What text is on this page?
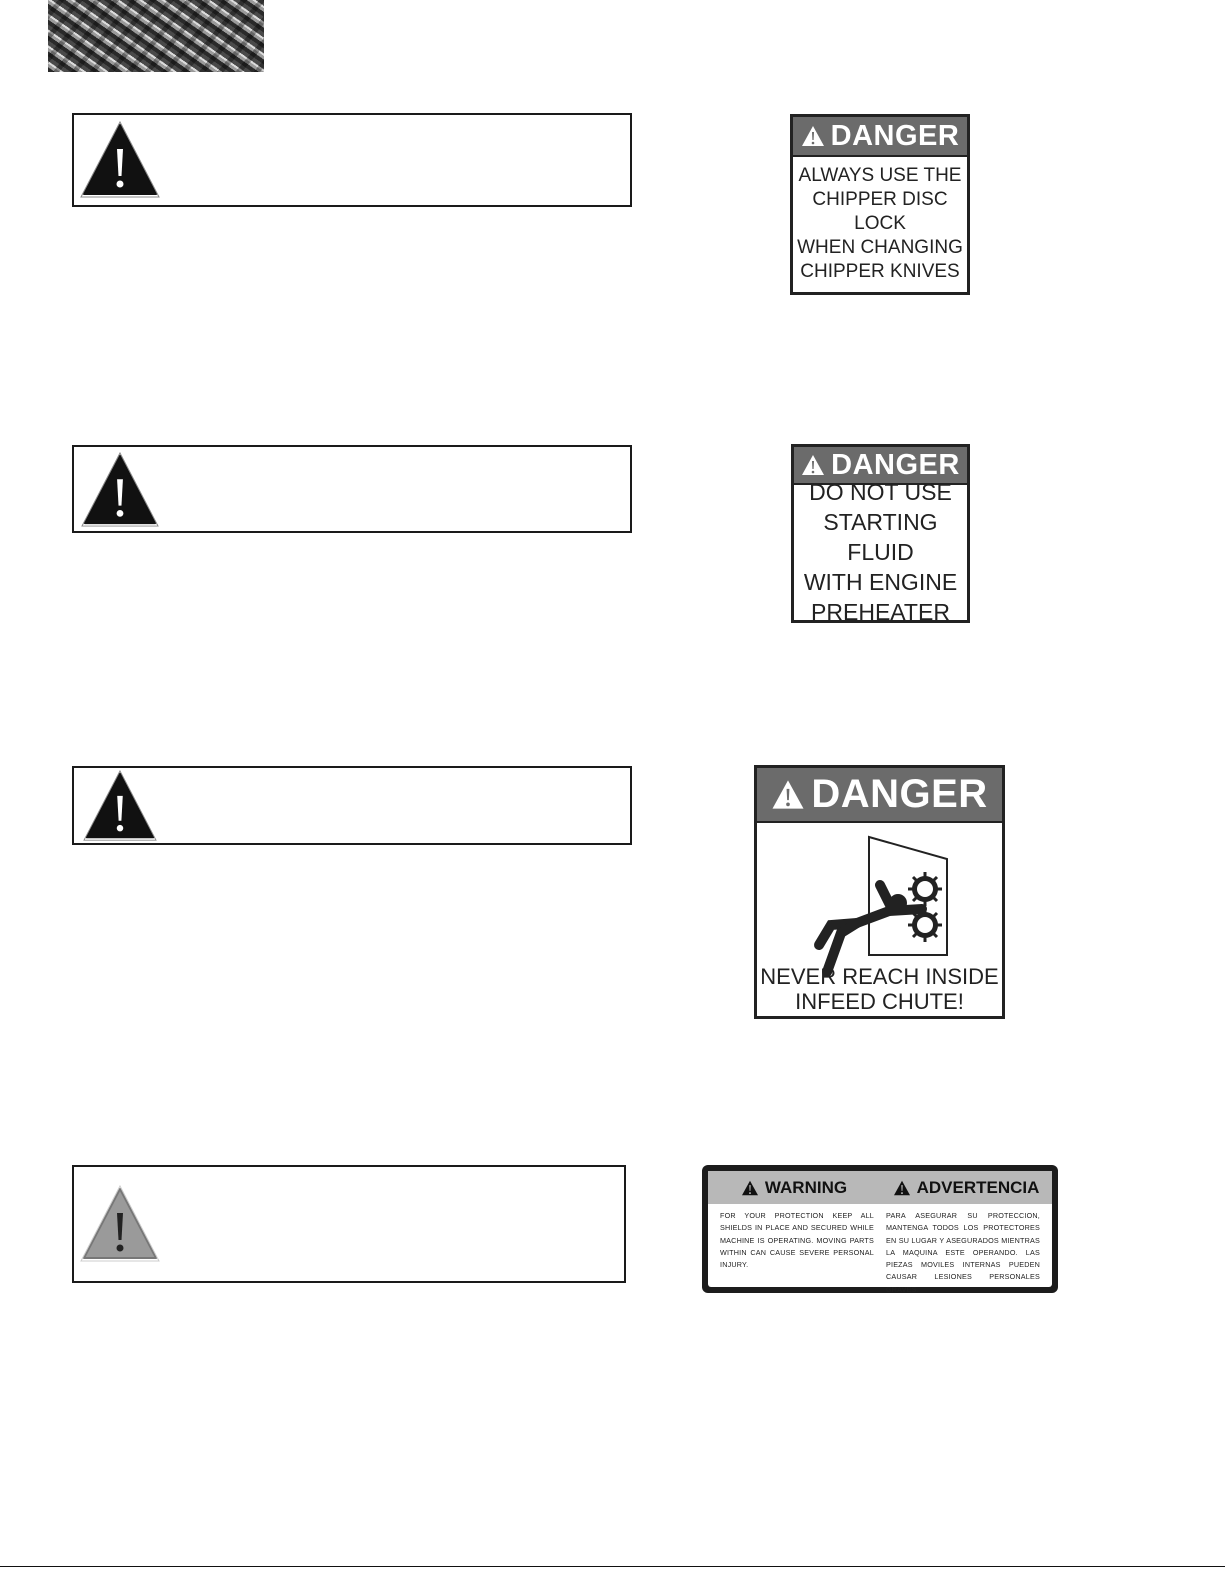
DANGER
ALWAYS USE THE
CHIPPER DISC LOCK
WHEN CHANGING
CHIPPER KNIVES
DANGER
DO NOT USE
STARTING FLUID
WITH ENGINE
PREHEATER
DANGER
NEVER REACH INSIDE
INFEED CHUTE!
WARNING	ADVERTENCIA
FOR YOUR PROTECTION KEEP ALL SHIELDS IN PLACE AND SECURED WHILE MACHINE IS OPERATING. MOVING PARTS WITHIN CAN CAUSE SEVERE PERSONAL INJURY.
PARA ASEGURAR SU PROTECCION, MANTENGA TODOS LOS PROTECTORES EN SU LUGAR Y ASEGURADOS MIENTRAS LA MAQUINA ESTE OPERANDO. LAS PIEZAS MOVILES INTERNAS PUEDEN CAUSAR LESIONES PERSONALES GRAVES.
